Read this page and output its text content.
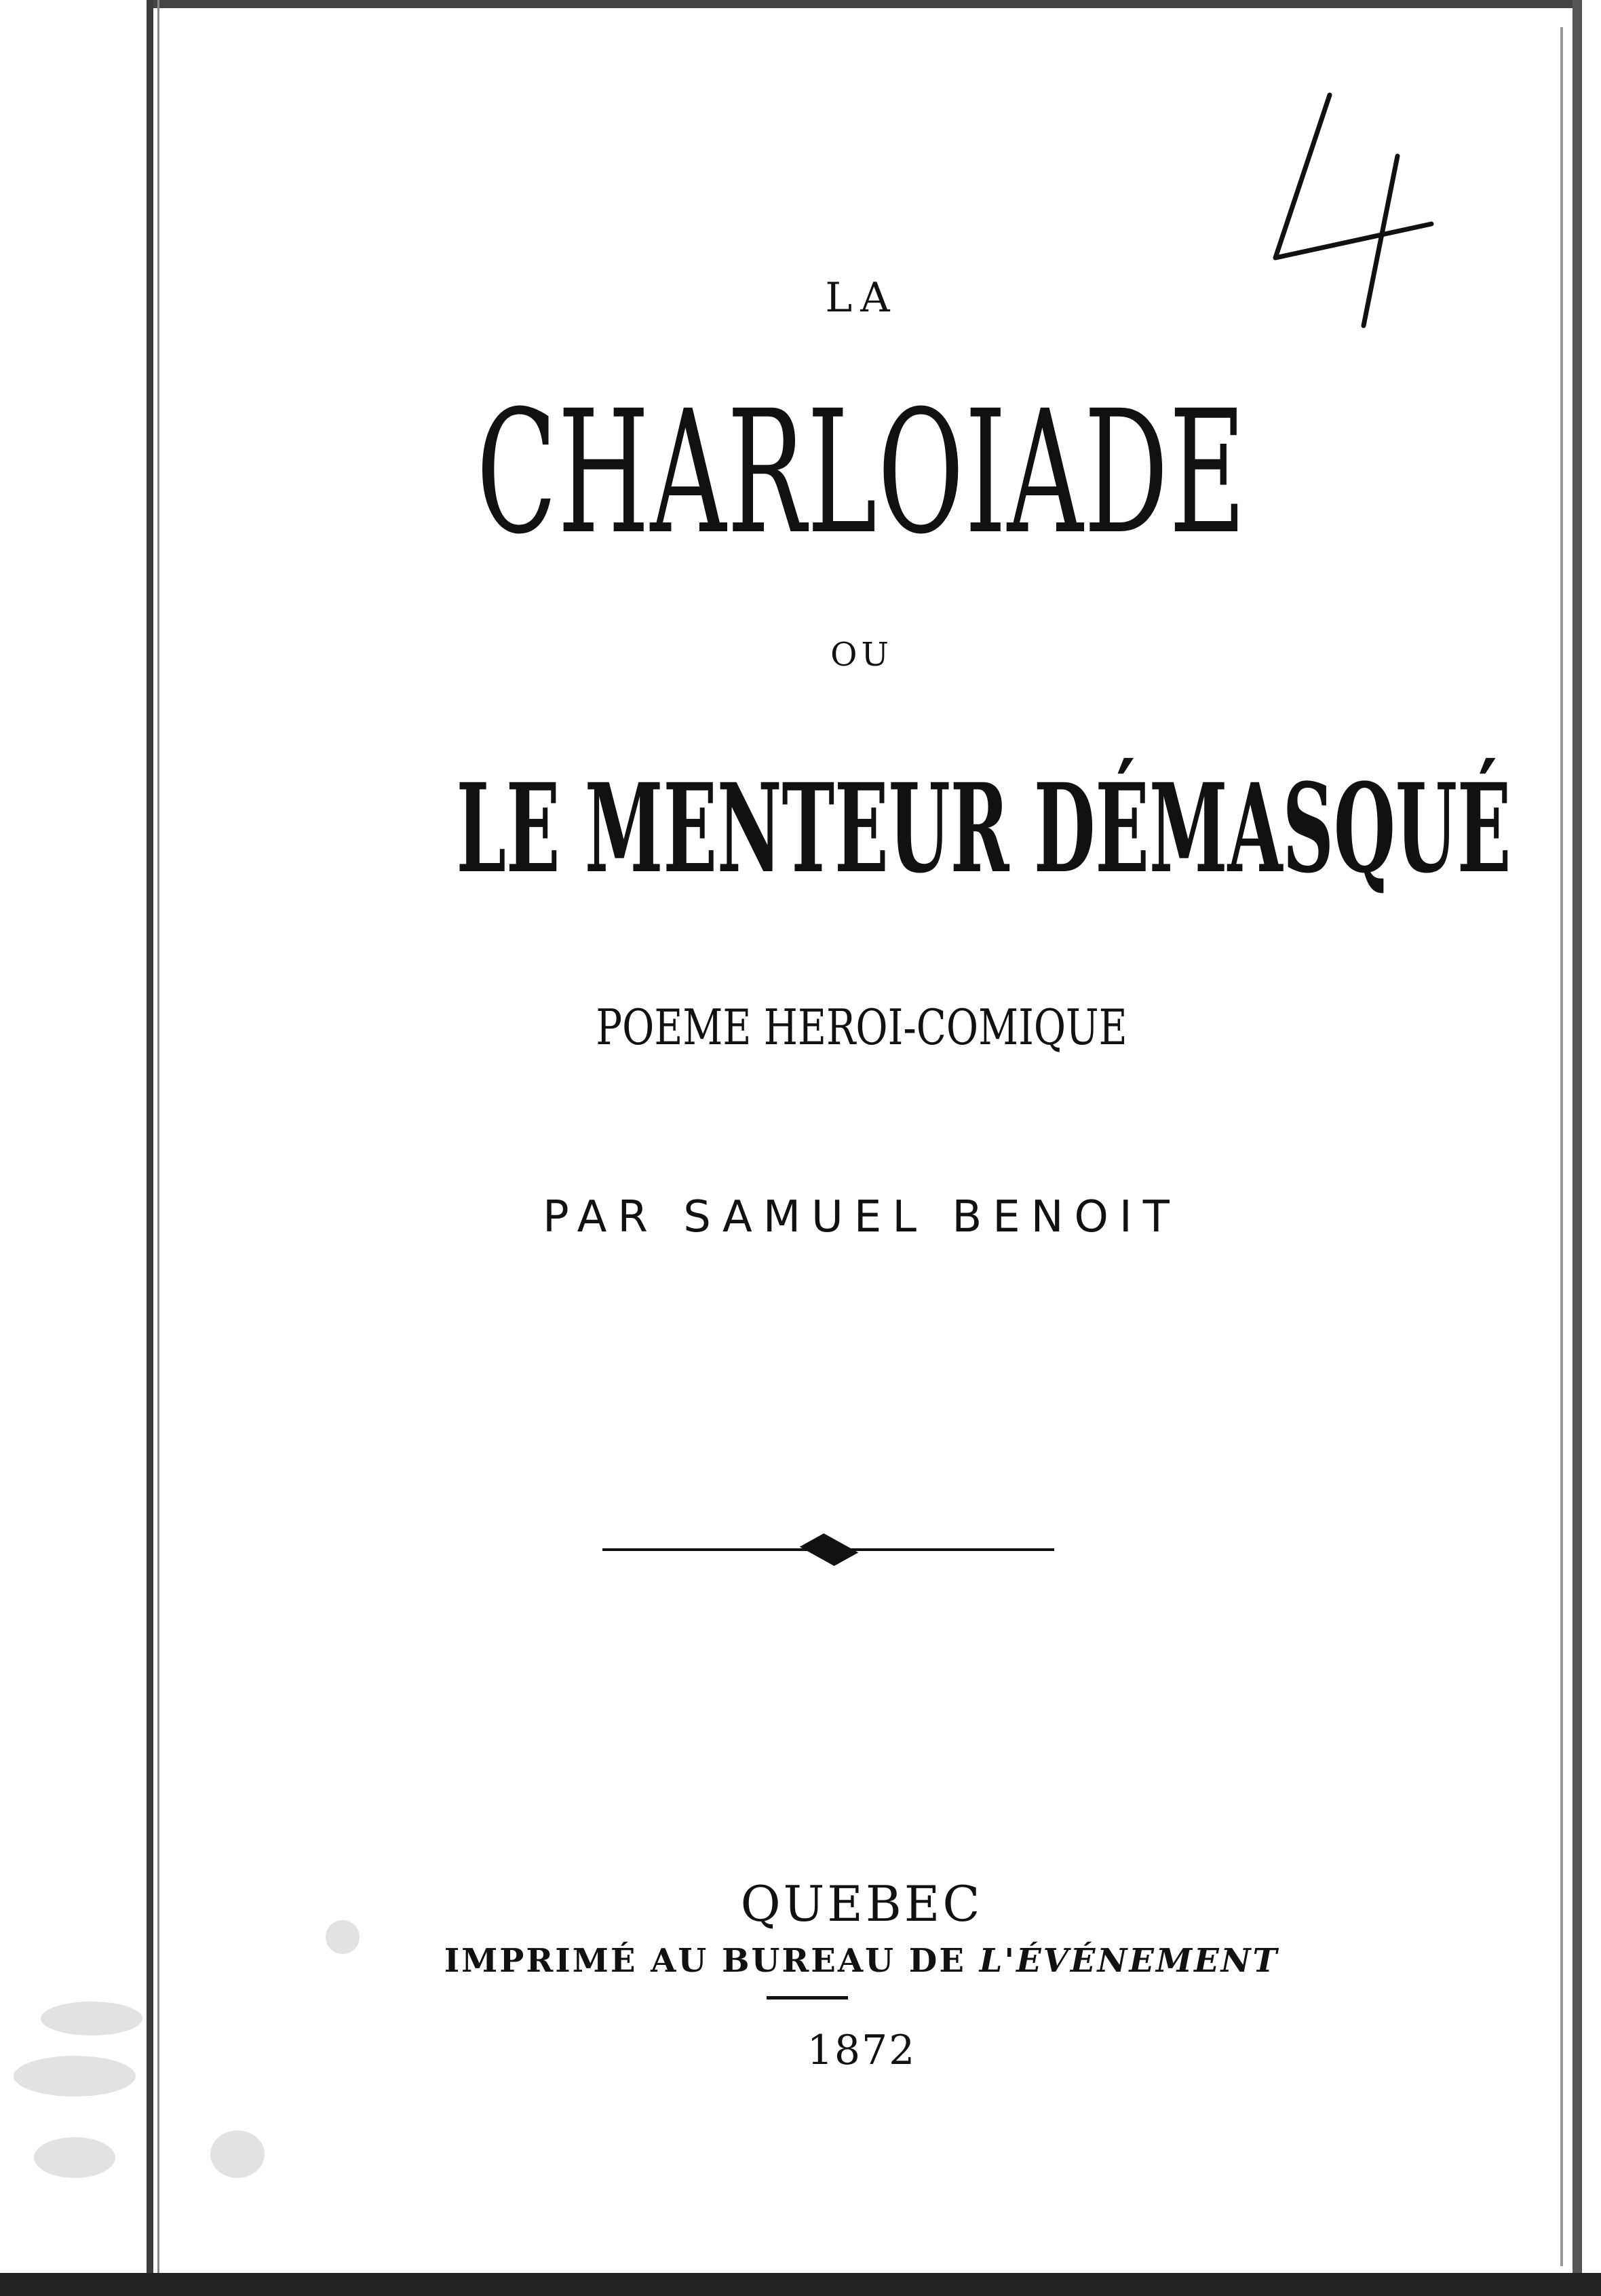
LA
CHARLOIADE
OU
LE MENTEUR DÉMASQUÉ
POEME HEROI-COMIQUE
PAR SAMUEL BENOIT
QUEBEC
IMPRIMÉ AU BUREAU DE L'ÉVÉNEMENT
1872
